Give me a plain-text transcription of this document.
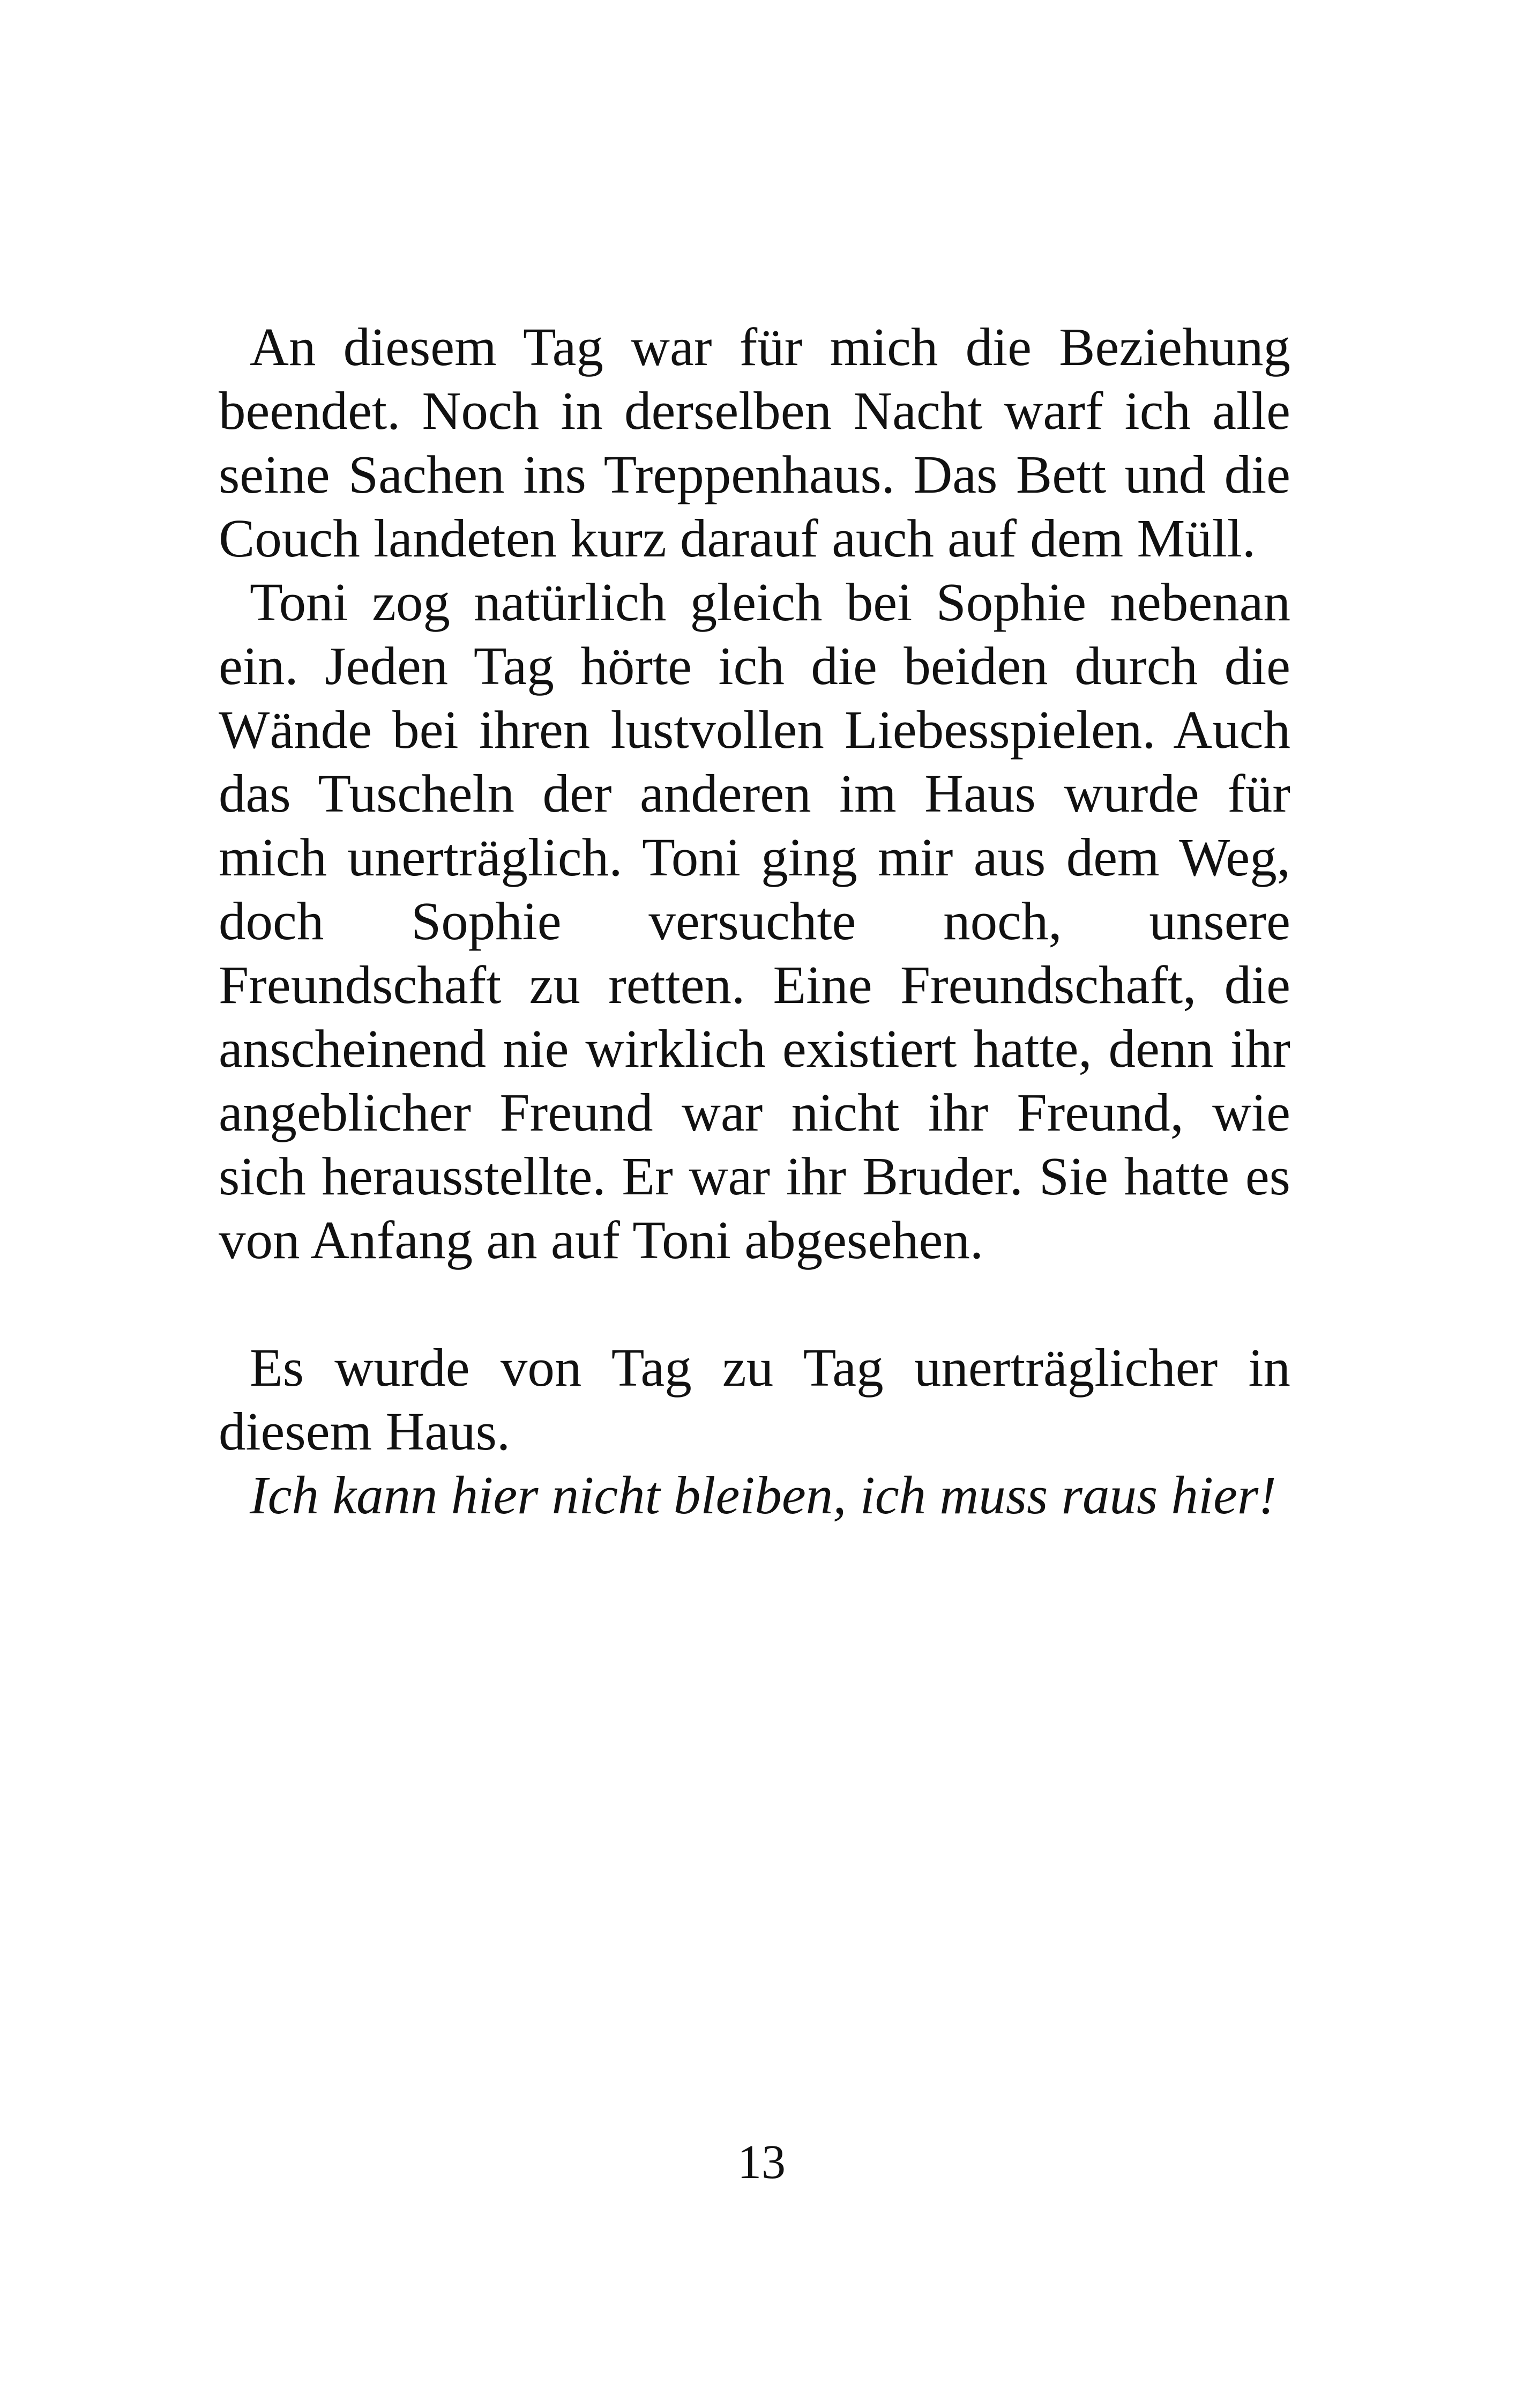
An diesem Tag war für mich die Beziehung beendet. Noch in derselben Nacht warf ich alle seine Sachen ins Treppenhaus. Das Bett und die Couch landeten kurz darauf auch auf dem Müll.

Toni zog natürlich gleich bei Sophie nebenan ein. Jeden Tag hörte ich die beiden durch die Wände bei ihren lustvollen Liebesspielen. Auch das Tuscheln der anderen im Haus wurde für mich unerträglich. Toni ging mir aus dem Weg, doch Sophie versuchte noch, unsere Freundschaft zu retten. Eine Freundschaft, die anscheinend nie wirklich existiert hatte, denn ihr angeblicher Freund war nicht ihr Freund, wie sich herausstellte. Er war ihr Bruder. Sie hatte es von Anfang an auf Toni abgesehen.

Es wurde von Tag zu Tag unerträglicher in diesem Haus.

Ich kann hier nicht bleiben, ich muss raus hier!

13
